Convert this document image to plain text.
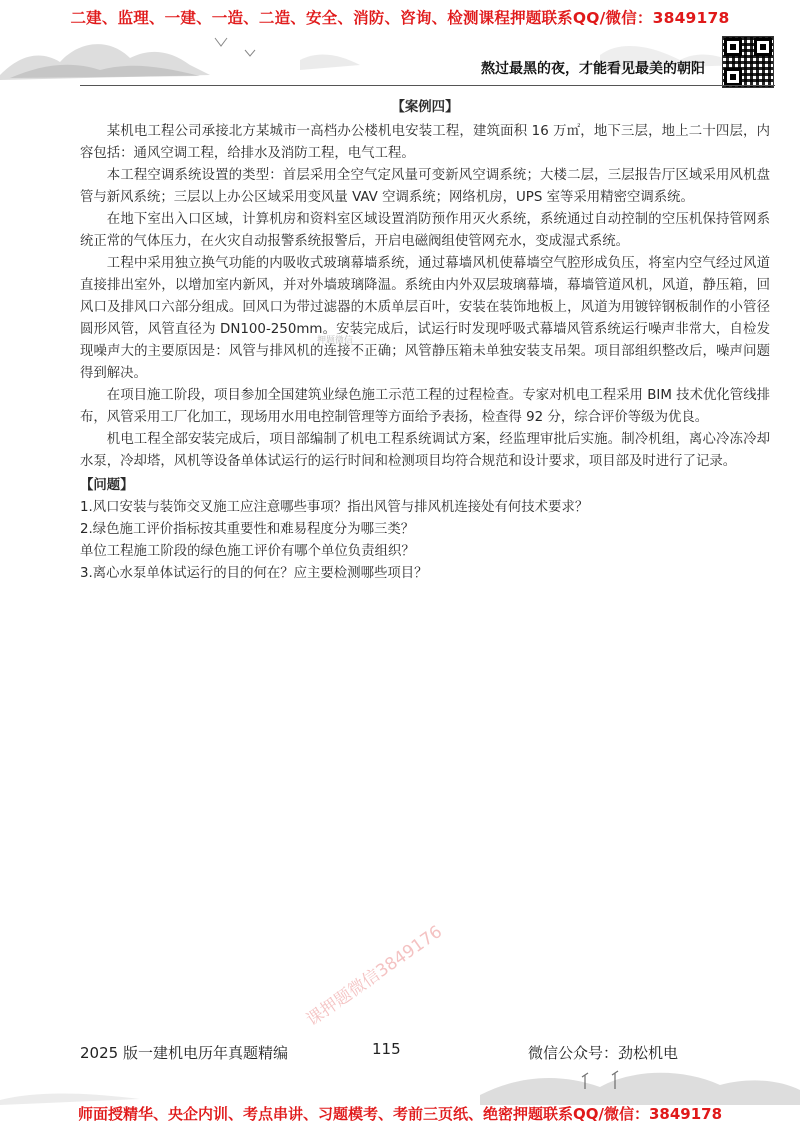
二建、监理、一建、一造、二造、安全、消防、咨询、检测课程押题联系QQ/微信：3849178
熬过最黑的夜，才能看见最美的朝阳
【案例四】

某机电工程公司承接北方某城市一高档办公楼机电安装工程，建筑面积 16 万㎡，地下三层，地上二十四层，内容包括：通风空调工程，给排水及消防工程，电气工程。

本工程空调系统设置的类型：首层采用全空气定风量可变新风空调系统；大楼二层，三层报告厅区域采用风机盘管与新风系统；三层以上办公区域采用变风量 VAV 空调系统；网络机房，UPS 室等采用精密空调系统。

在地下室出入口区域，计算机房和资料室区域设置消防预作用灭火系统，系统通过自动控制的空压机保持管网系统正常的气体压力，在火灾自动报警系统报警后，开启电磁阀组使管网充水，变成湿式系统。

工程中采用独立换气功能的内吸收式玻璃幕墙系统，通过幕墙风机使幕墙空气腔形成负压，将室内空气经过风道直接排出室外，以增加室内新风，并对外墙玻璃降温。系统由内外双层玻璃幕墙，幕墙管道风机，风道，静压箱，回风口及排风口六部分组成。回风口为带过滤器的木质单层百叶，安装在装饰地板上，风道为用镀锌钢板制作的小管径圆形风管，风管直径为 DN100-250mm。安装完成后，试运行时发现呼吸式幕墙风管系统运行噪声非常大，自检发现噪声大的主要原因是：风管与排风机的连接不正确；风管静压箱未单独安装支吊架。项目部组织整改后，噪声问题得到解决。

在项目施工阶段，项目参加全国建筑业绿色施工示范工程的过程检查。专家对机电工程采用 BIM 技术优化管线排布，风管采用工厂化加工，现场用水用电控制管理等方面给予表扬，检查得 92 分，综合评价等级为优良。

机电工程全部安装完成后，项目部编制了机电工程系统调试方案，经监理审批后实施。制冷机组，离心冷冻冷却水泵，冷却塔，风机等设备单体试运行的运行时间和检测项目均符合规范和设计要求，项目部及时进行了记录。

【问题】
1.风口安装与装饰交叉施工应注意哪些事项？指出风管与排风机连接处有何技术要求？
2.绿色施工评价指标按其重要性和难易程度分为哪三类？
单位工程施工阶段的绿色施工评价有哪个单位负责组织？
3.离心水泵单体试运行的目的何在？应主要检测哪些项目？
押题微信
2025 版一建机电历年真题精编	115	微信公众号：劲松机电
课押题微信3849176
师面授精华、央企内训、考点串讲、习题模考、考前三页纸、绝密押题联系QQ/微信：3849178
